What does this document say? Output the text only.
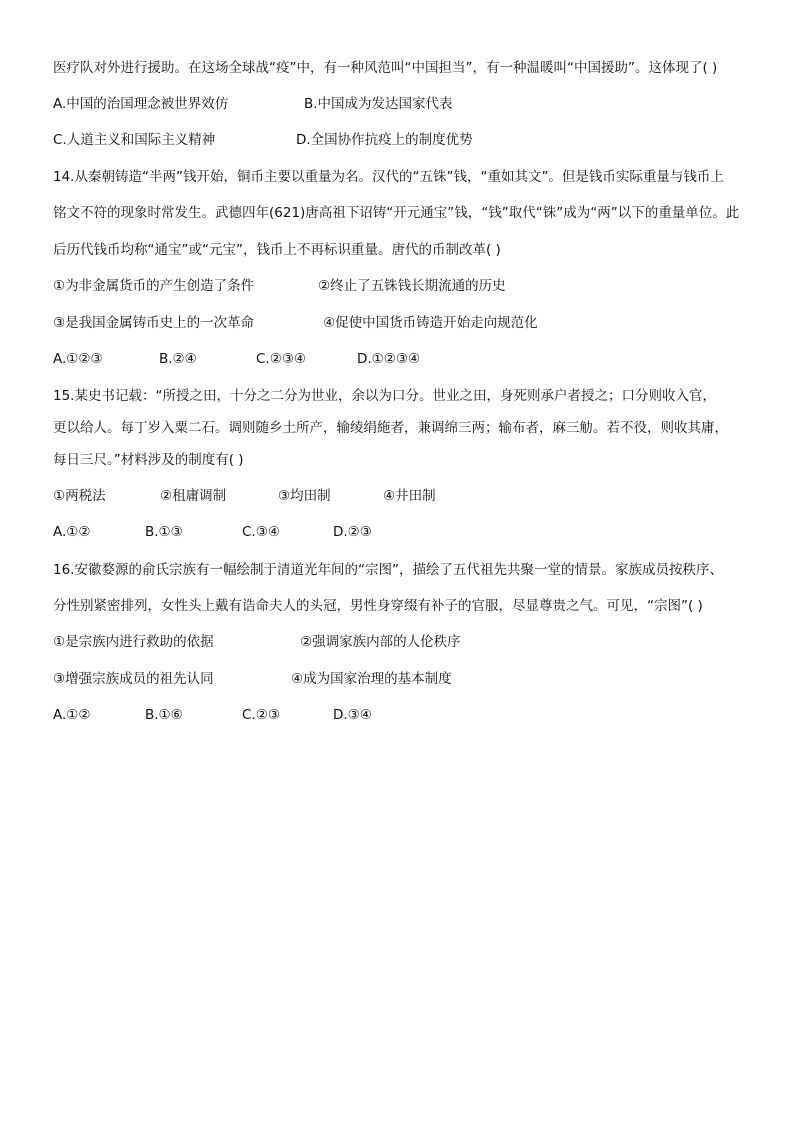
医疗队对外进行援助。在这场全球战“疫”中，有一种风范叫“中国担当”，有一种温暖叫“中国援助”。这体现了( )
A.中国的治国理念被世界效仿	B.中国成为发达国家代表
C.人道主义和国际主义精神	D.全国协作抗疫上的制度优势
14.从秦朝铸造“半两”钱开始，铜币主要以重量为名。汉代的“五铢”钱，“重如其文”。但是钱币实际重量与钱币上
铭文不符的现象时常发生。武德四年(621)唐高祖下诏铸“开元通宝”钱，“钱”取代“铢”成为“两”以下的重量单位。此
后历代钱币均称“通宝”或“元宝”，钱币上不再标识重量。唐代的币制改革( )
①为非金属货币的产生创造了条件	②终止了五铢钱长期流通的历史
③是我国金属铸币史上的一次革命	④促使中国货币铸造开始走向规范化
A.①②③	B.②④	C.②③④	D.①②③④
15.某史书记载：“所授之田，十分之二分为世业，余以为口分。世业之田，身死则承户者授之；口分则收入官，
更以给人。每丁岁入粟二石。调则随乡土所产，输绫绢絁者，兼调绵三两；输布者，麻三觔。若不役，则收其庸，
每日三尺。”材料涉及的制度有( )
①两税法	②租庸调制	③均田制	④井田制
A.①②	B.①③	C.③④	D.②③
16.安徽婺源的俞氏宗族有一幅绘制于清道光年间的“宗图”，描绘了五代祖先共聚一堂的情景。家族成员按秩序、
分性别紧密排列，女性头上戴有诰命夫人的头冠，男性身穿缀有补子的官服，尽显尊贵之气。可见，“宗图”( )
①是宗族内进行救助的依据	②强调家族内部的人伦秩序
③增强宗族成员的祖先认同	④成为国家治理的基本制度
A.①②	B.①⑥	C.②③	D.③④
